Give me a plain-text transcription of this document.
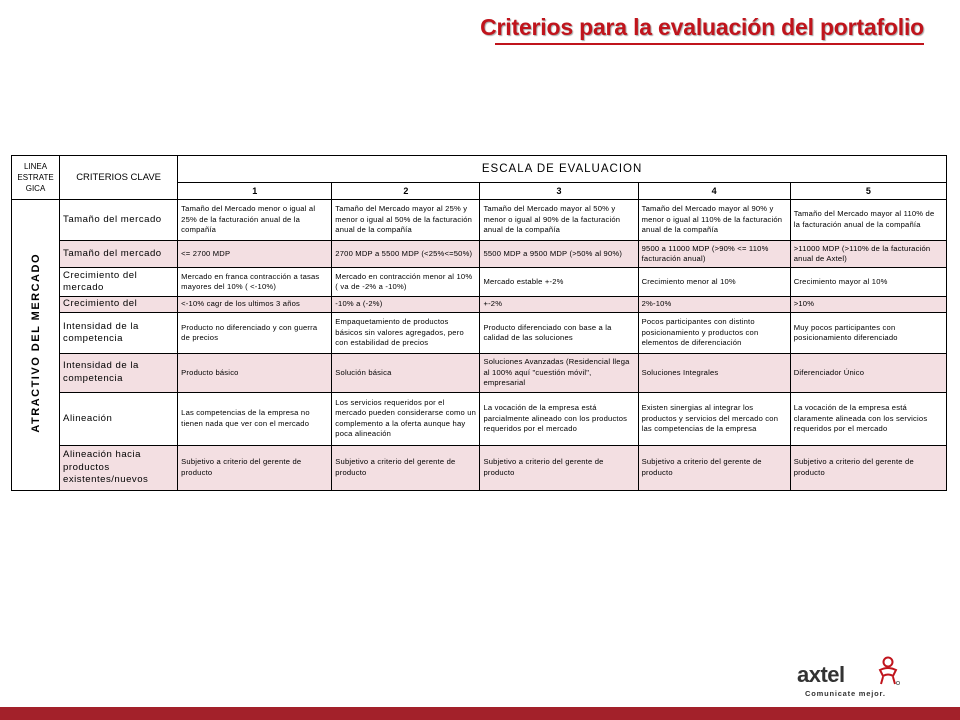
Criterios para la evaluación del portafolio
LINEA ESTRATE GICA	CRITERIOS CLAVE	ESCALA DE EVALUACION				
		1	2	3	4	5
ATRACTIVO DEL MERCADO	Tamaño del mercado	Tamaño del Mercado menor o igual al 25% de la facturación anual de la compañía	Tamaño del Mercado mayor al 25% y menor o igual al 50% de la facturación anual de la compañía	Tamaño del Mercado mayor al 50% y menor o igual al 90% de la facturación anual de la compañía	Tamaño del Mercado mayor al 90% y menor o igual al 110% de la facturación anual de la compañía	Tamaño del Mercado mayor al 110% de la facturación anual de la compañía
	Tamaño del mercado	<= 2700 MDP	2700 MDP a 5500 MDP (<25%<=50%)	5500 MDP a 9500 MDP (>50% al 90%)	9500 a 11000 MDP (>90% <= 110% facturación anual)	>11000 MDP (>110% de la facturación anual de Axtel)
	Crecimiento del mercado	Mercado en franca contracción a tasas mayores del 10% ( <-10%)	Mercado en contracción menor al 10% ( va de -2% a -10%)	Mercado estable +-2%	Crecimiento menor al 10%	Crecimiento mayor al 10%
	Crecimiento del	<-10% cagr de los ultimos 3 años	-10% a (-2%)	+-2%	2%-10%	>10%
	Intensidad de la competencia	Producto no diferenciado y con guerra de precios	Empaquetamiento de productos básicos sin valores agregados, pero con estabilidad de precios	Producto diferenciado con base a la calidad de las soluciones	Pocos participantes con distinto posicionamiento y productos con elementos de diferenciación	Muy pocos participantes con posicionamiento diferenciado
	Intensidad de la competencia	Producto básico	Solución básica	Soluciones Avanzadas (Residencial llega al 100% aquí "cuestión móvil", empresarial	Soluciones Integrales	Diferenciador Único
	Alineación	Las competencias de la empresa no tienen nada que ver con el mercado	Los servicios requeridos por el mercado pueden considerarse como un complemento a la oferta aunque hay poca alineación	La vocación de la empresa está parcialmente alineado con los productos requeridos por el mercado	Existen sinergias al integrar los productos y servicios del mercado con las competencias de la empresa	La vocación de la empresa está claramente alineada con los servicios requeridos por el mercado
	Alineación hacia productos existentes/nuevos	Subjetivo a criterio del gerente de producto	Subjetivo a criterio del gerente de producto	Subjetivo a criterio del gerente de producto	Subjetivo a criterio del gerente de producto	Subjetivo a criterio del gerente de producto
axtel
Comunicate mejor.
